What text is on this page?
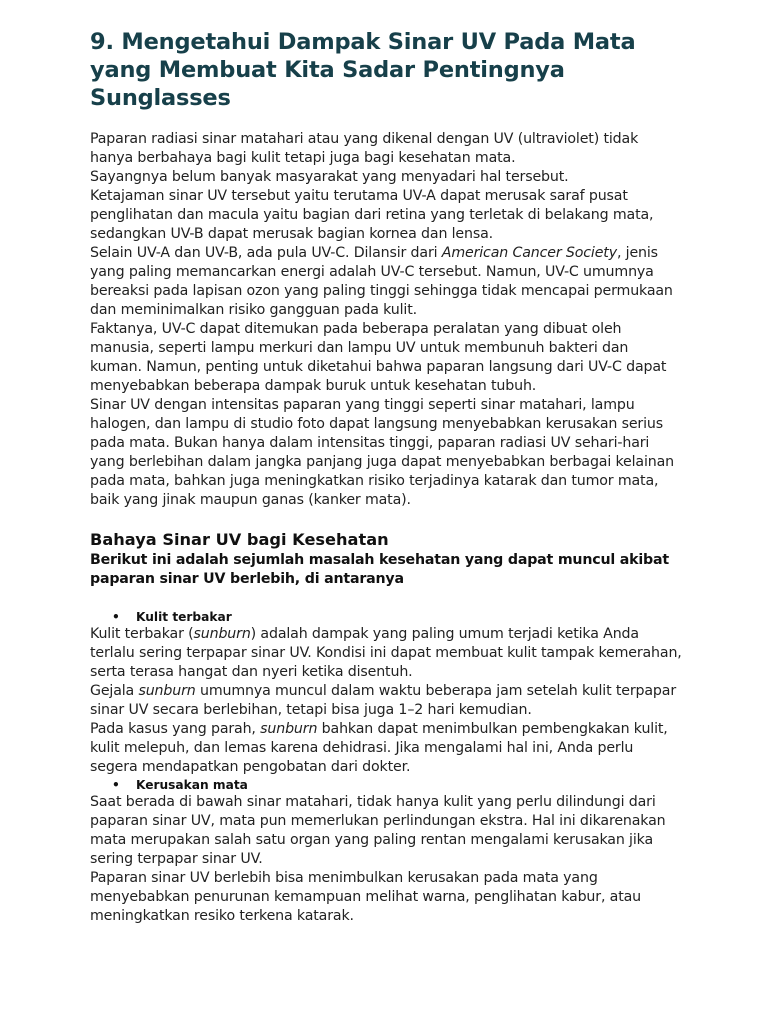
9. Mengetahui Dampak Sinar UV Pada Mata yang Membuat Kita Sadar Pentingnya Sunglasses

Paparan radiasi sinar matahari atau yang dikenal dengan UV (ultraviolet) tidak hanya berbahaya bagi kulit tetapi juga bagi kesehatan mata.

Sayangnya belum banyak masyarakat yang menyadari hal tersebut.

Ketajaman sinar UV tersebut yaitu terutama UV-A dapat merusak saraf pusat penglihatan dan macula yaitu bagian dari retina yang terletak di belakang mata, sedangkan UV-B dapat merusak bagian kornea dan lensa.

Selain UV-A dan UV-B, ada pula UV-C. Dilansir dari American Cancer Society, jenis yang paling memancarkan energi adalah UV-C tersebut. Namun, UV-C umumnya bereaksi pada lapisan ozon yang paling tinggi sehingga tidak mencapai permukaan dan meminimalkan risiko gangguan pada kulit.

Faktanya, UV-C dapat ditemukan pada beberapa peralatan yang dibuat oleh manusia, seperti lampu merkuri dan lampu UV untuk membunuh bakteri dan kuman. Namun, penting untuk diketahui bahwa paparan langsung dari UV-C dapat menyebabkan beberapa dampak buruk untuk kesehatan tubuh.

Sinar UV dengan intensitas paparan yang tinggi seperti sinar matahari, lampu halogen, dan lampu di studio foto dapat langsung menyebabkan kerusakan serius pada mata. Bukan hanya dalam intensitas tinggi, paparan radiasi UV sehari-hari yang berlebihan dalam jangka panjang juga dapat menyebabkan berbagai kelainan pada mata, bahkan juga meningkatkan risiko terjadinya katarak dan tumor mata, baik yang jinak maupun ganas (kanker mata).

Bahaya Sinar UV bagi Kesehatan

Berikut ini adalah sejumlah masalah kesehatan yang dapat muncul akibat paparan sinar UV berlebih, di antaranya

• Kulit terbakar

Kulit terbakar (sunburn) adalah dampak yang paling umum terjadi ketika Anda terlalu sering terpapar sinar UV. Kondisi ini dapat membuat kulit tampak kemerahan, serta terasa hangat dan nyeri ketika disentuh.

Gejala sunburn umumnya muncul dalam waktu beberapa jam setelah kulit terpapar sinar UV secara berlebihan, tetapi bisa juga 1–2 hari kemudian.

Pada kasus yang parah, sunburn bahkan dapat menimbulkan pembengkakan kulit, kulit melepuh, dan lemas karena dehidrasi. Jika mengalami hal ini, Anda perlu segera mendapatkan pengobatan dari dokter.

• Kerusakan mata

Saat berada di bawah sinar matahari, tidak hanya kulit yang perlu dilindungi dari paparan sinar UV, mata pun memerlukan perlindungan ekstra. Hal ini dikarenakan mata merupakan salah satu organ yang paling rentan mengalami kerusakan jika sering terpapar sinar UV.

Paparan sinar UV berlebih bisa menimbulkan kerusakan pada mata yang menyebabkan penurunan kemampuan melihat warna, penglihatan kabur, atau meningkatkan resiko terkena katarak.
